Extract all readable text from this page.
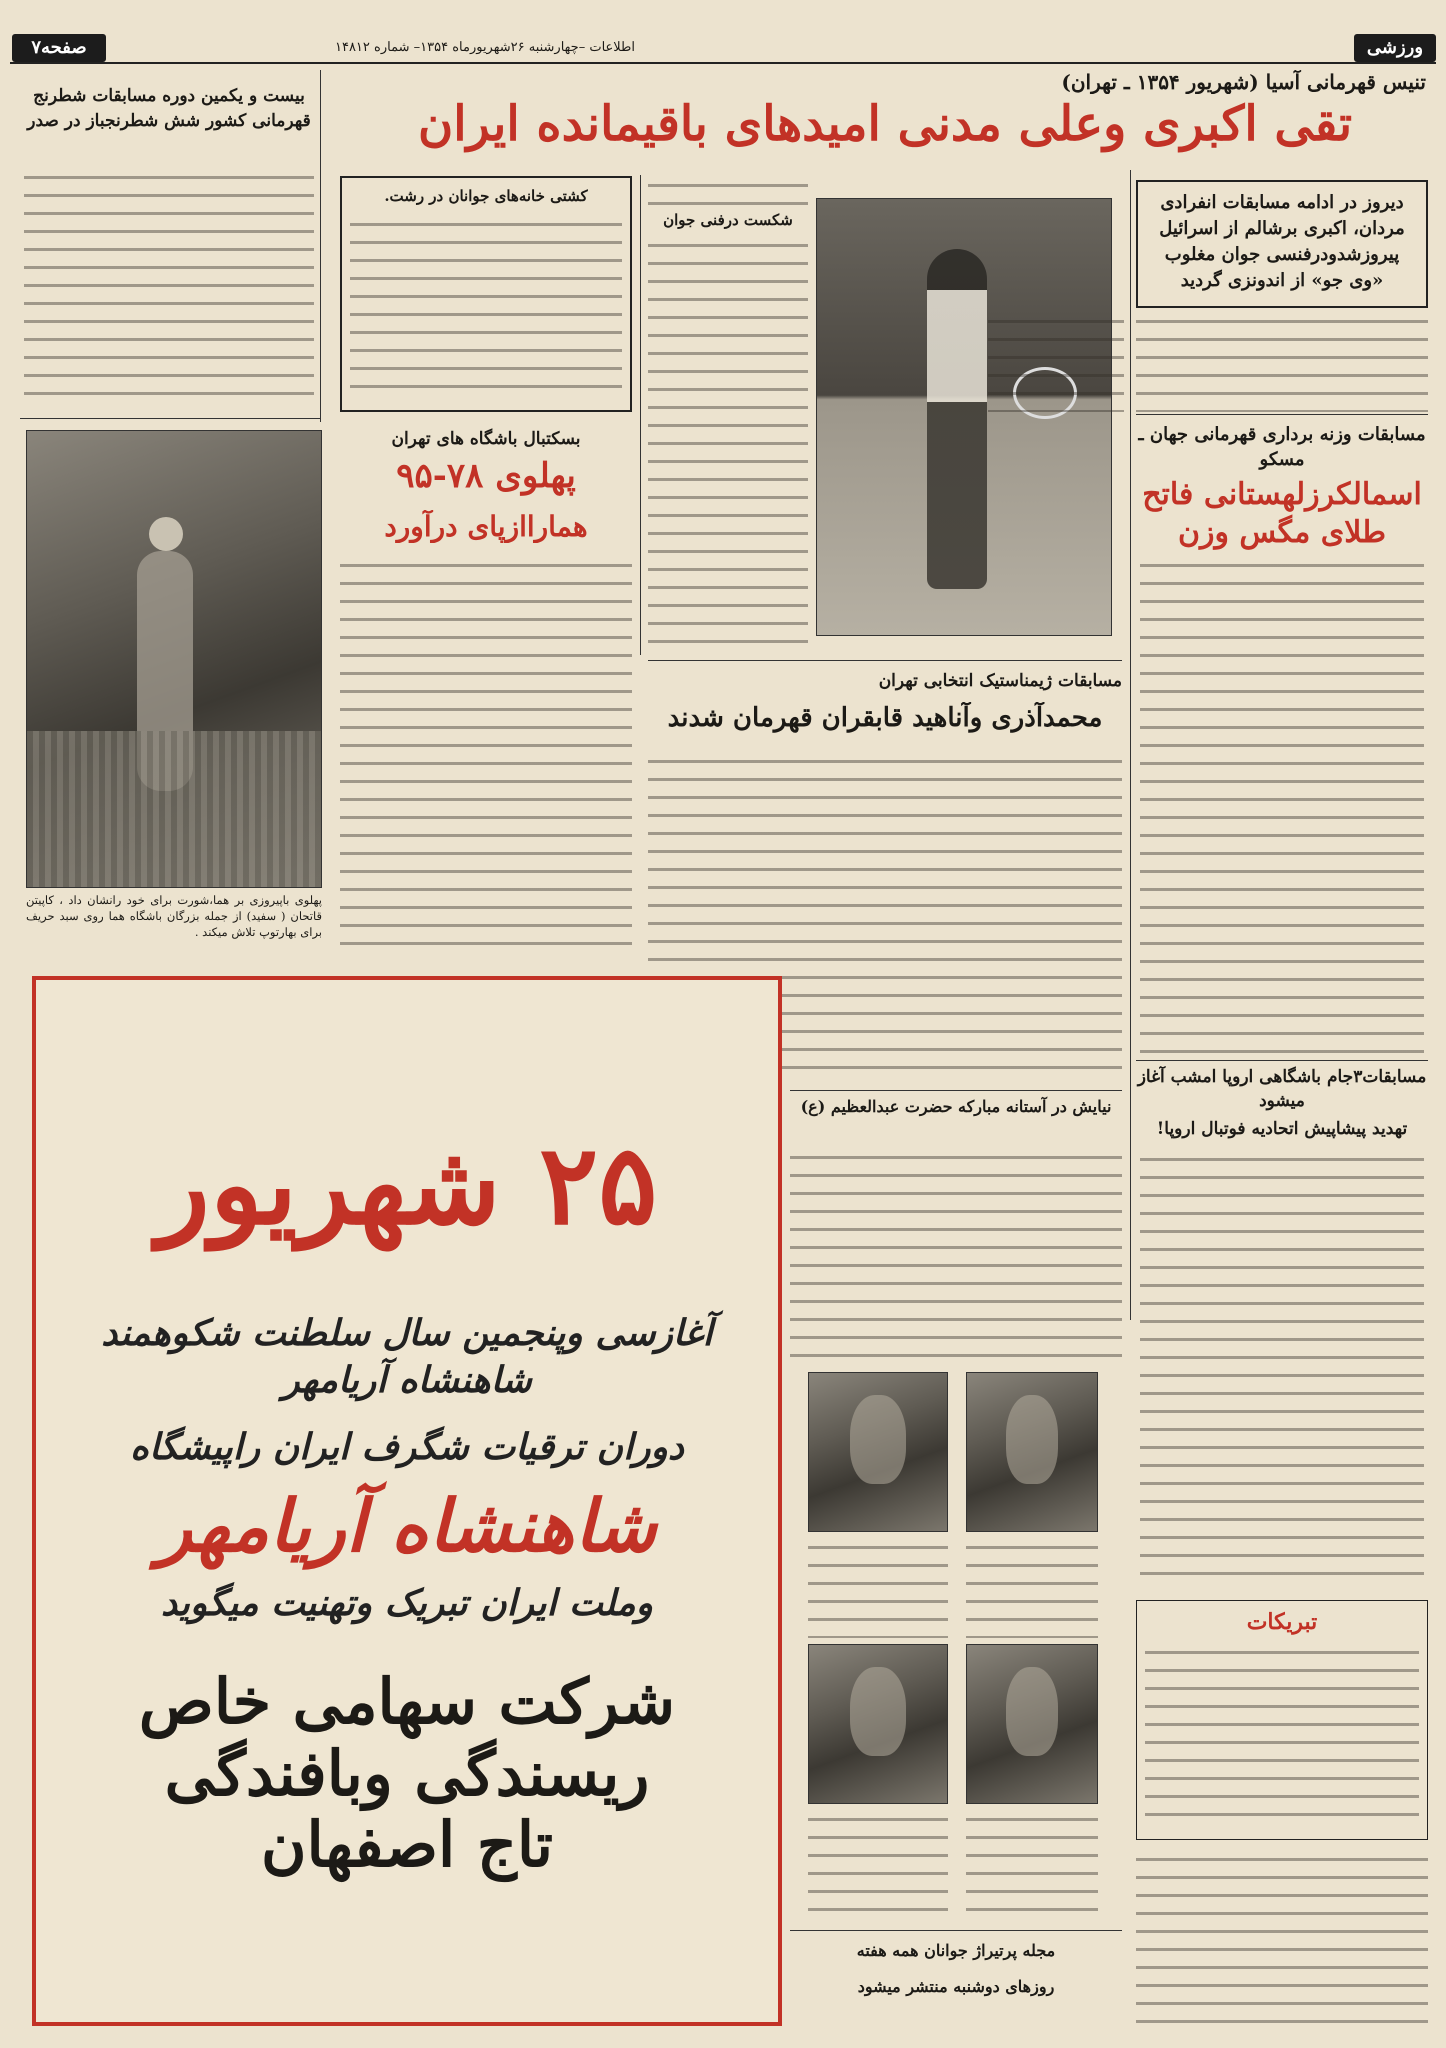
ورزشی
صفحه۷	اطلاعات –چهارشنبه ۲۶شهریورماه ۱۳۵۴– شماره ۱۴۸۱۲
تنیس قهرمانی آسیا (شهریور ۱۳۵۴ ـ تهران)
تقی اکبری وعلی مدنی امیدهای باقیمانده ایران
دیروز در ادامه مسابقات انفرادی مردان، اکبری برشالم از اسرائیل پیروزشدودرفنسی جوان مغلوب «وی جو» از اندونزی گردید
شکست درفنی جوان
بیست و یکمین دوره مسابقات شطرنج قهرمانی کشور شش شطرنجباز در صدر
کشتی خانه‌های جوانان در رشت.
پهلوی باپیروزی بر هما،شورت برای خود رانشان داد ، کاپیتن قاتحان ( سفید) از جمله بزرگان باشگاه هما روی سبد حریف برای بهارتوپ تلاش میکند .
بسکتبال باشگاه های تهران
پهلوی ۷۸-۹۵
هماراازپای درآورد
مسابقات وزنه برداری قهرمانی جهان ـ مسکو
اسمالکرزلهستانی فاتح طلای مگس وزن
مسابقات ژیمناستیک انتخابی تهران
محمدآذری وآناهید قابقران قهرمان شدند
نیایش در آستانه مبارکه حضرت عبدالعظیم (ع)
مسابقات۳جام باشگاهی اروپا امشب آغاز میشود
تهدید پیشاپیش اتحادیه فوتبال اروپا!
تبریکات
مجله پرتیراژ جوانان همه هفته
روزهای دوشنبه منتشر میشود
۲۵ شهریور
آغازسی وپنجمین سال سلطنت شکوهمند شاهنشاه آریامهر
دوران ترقیات شگرف ایران راپیشگاه
شاهنشاه آریامهر
وملت ایران تبریک وتهنیت میگوید
شرکت سهامی خاص
ریسندگی وبافندگی
تاج اصفهان
